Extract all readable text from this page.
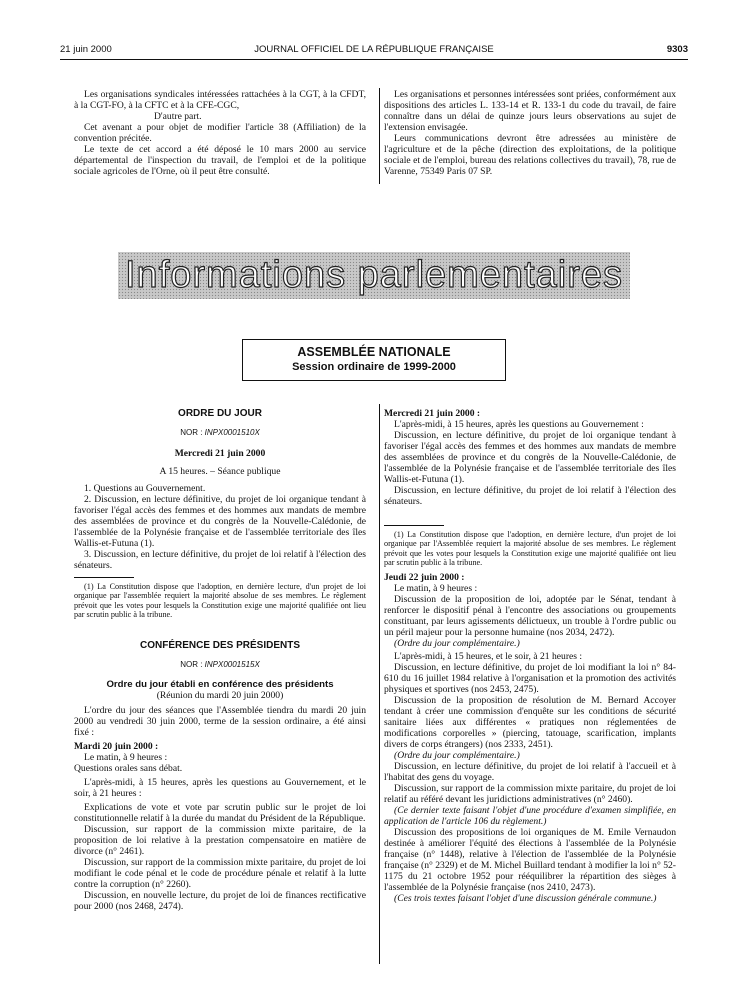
21 juin 2000	JOURNAL OFFICIEL DE LA RÉPUBLIQUE FRANÇAISE	9303

Les organisations syndicales intéressées rattachées à la CGT, à la CFDT, à la CGT-FO, à la CFTC et à la CFE-CGC,

D'autre part.

Cet avenant a pour objet de modifier l'article 38 (Affiliation) de la convention précitée.

Le texte de cet accord a été déposé le 10 mars 2000 au service départemental de l'inspection du travail, de l'emploi et de la politique sociale agricoles de l'Orne, où il peut être consulté.

Les organisations et personnes intéressées sont priées, conformément aux dispositions des articles L. 133-14 et R. 133-1 du code du travail, de faire connaître dans un délai de quinze jours leurs observations au sujet de l'extension envisagée.

Leurs communications devront être adressées au ministère de l'agriculture et de la pêche (direction des exploitations, de la politique sociale et de l'emploi, bureau des relations collectives du travail), 78, rue de Varenne, 75349 Paris 07 SP.

Informations parlementaires
ASSEMBLÉE NATIONALE
Session ordinaire de 1999-2000
ORDRE DU JOUR
NOR : INPX0001510X

Mercredi 21 juin 2000

A 15 heures. – Séance publique

1. Questions au Gouvernement.

2. Discussion, en lecture définitive, du projet de loi organique tendant à favoriser l'égal accès des femmes et des hommes aux mandats de membre des assemblées de province et du congrès de la Nouvelle-Calédonie, de l'assemblée de la Polynésie française et de l'assemblée territoriale des îles Wallis-et-Futuna (1).

3. Discussion, en lecture définitive, du projet de loi relatif à l'élection des sénateurs.

(1) La Constitution dispose que l'adoption, en dernière lecture, d'un projet de loi organique par l'assemblée requiert la majorité absolue de ses membres. Le règlement prévoit que les votes pour lesquels la Constitution exige une majorité qualifiée ont lieu par scrutin public à la tribune.

CONFÉRENCE DES PRÉSIDENTS
NOR : INPX0001515X
Ordre du jour établi en conférence des présidents

(Réunion du mardi 20 juin 2000)

L'ordre du jour des séances que l'Assemblée tiendra du mardi 20 juin 2000 au vendredi 30 juin 2000, terme de la session ordinaire, a été ainsi fixé :

Mardi 20 juin 2000 :

Le matin, à 9 heures :

Questions orales sans débat.

L'après-midi, à 15 heures, après les questions au Gouvernement, et le soir, à 21 heures :

Explications de vote et vote par scrutin public sur le projet de loi constitutionnelle relatif à la durée du mandat du Président de la République.

Discussion, sur rapport de la commission mixte paritaire, de la proposition de loi relative à la prestation compensatoire en matière de divorce (n° 2461).

Discussion, sur rapport de la commission mixte paritaire, du projet de loi modifiant le code pénal et le code de procédure pénale et relatif à la lutte contre la corruption (n° 2260).

Discussion, en nouvelle lecture, du projet de loi de finances rectificative pour 2000 (nos 2468, 2474).

Mercredi 21 juin 2000 :

L'après-midi, à 15 heures, après les questions au Gouvernement :

Discussion, en lecture définitive, du projet de loi organique tendant à favoriser l'égal accès des femmes et des hommes aux mandats de membre des assemblées de province et du congrès de la Nouvelle-Calédonie, de l'assemblée de la Polynésie française et de l'assemblée territoriale des îles Wallis-et-Futuna (1).

Discussion, en lecture définitive, du projet de loi relatif à l'élection des sénateurs.

(1) La Constitution dispose que l'adoption, en dernière lecture, d'un projet de loi organique par l'Assemblée requiert la majorité absolue de ses membres. Le règlement prévoit que les votes pour lesquels la Constitution exige une majorité qualifiée ont lieu par scrutin public à la tribune.

Jeudi 22 juin 2000 :

Le matin, à 9 heures :

Discussion de la proposition de loi, adoptée par le Sénat, tendant à renforcer le dispositif pénal à l'encontre des associations ou groupements constituant, par leurs agissements délictueux, un trouble à l'ordre public ou un péril majeur pour la personne humaine (nos 2034, 2472).

(Ordre du jour complémentaire.)

L'après-midi, à 15 heures, et le soir, à 21 heures :

Discussion, en lecture définitive, du projet de loi modifiant la loi n° 84-610 du 16 juillet 1984 relative à l'organisation et la promotion des activités physiques et sportives (nos 2453, 2475).

Discussion de la proposition de résolution de M. Bernard Accoyer tendant à créer une commission d'enquête sur les conditions de sécurité sanitaire liées aux différentes « pratiques non réglementées de modifications corporelles » (piercing, tatouage, scarification, implants divers de corps étrangers) (nos 2333, 2451).

(Ordre du jour complémentaire.)

Discussion, en lecture définitive, du projet de loi relatif à l'accueil et à l'habitat des gens du voyage.

Discussion, sur rapport de la commission mixte paritaire, du projet de loi relatif au référé devant les juridictions administratives (n° 2460).

(Ce dernier texte faisant l'objet d'une procédure d'examen simplifiée, en application de l'article 106 du règlement.)

Discussion des propositions de loi organiques de M. Emile Vernaudon destinée à améliorer l'équité des élections à l'assemblée de la Polynésie française (n° 1448), relative à l'élection de l'assemblée de la Polynésie française (n° 2329) et de M. Michel Buillard tendant à modifier la loi n° 52-1175 du 21 octobre 1952 pour rééquilibrer la répartition des sièges à l'assemblée de la Polynésie française (nos 2410, 2473).

(Ces trois textes faisant l'objet d'une discussion générale commune.)
